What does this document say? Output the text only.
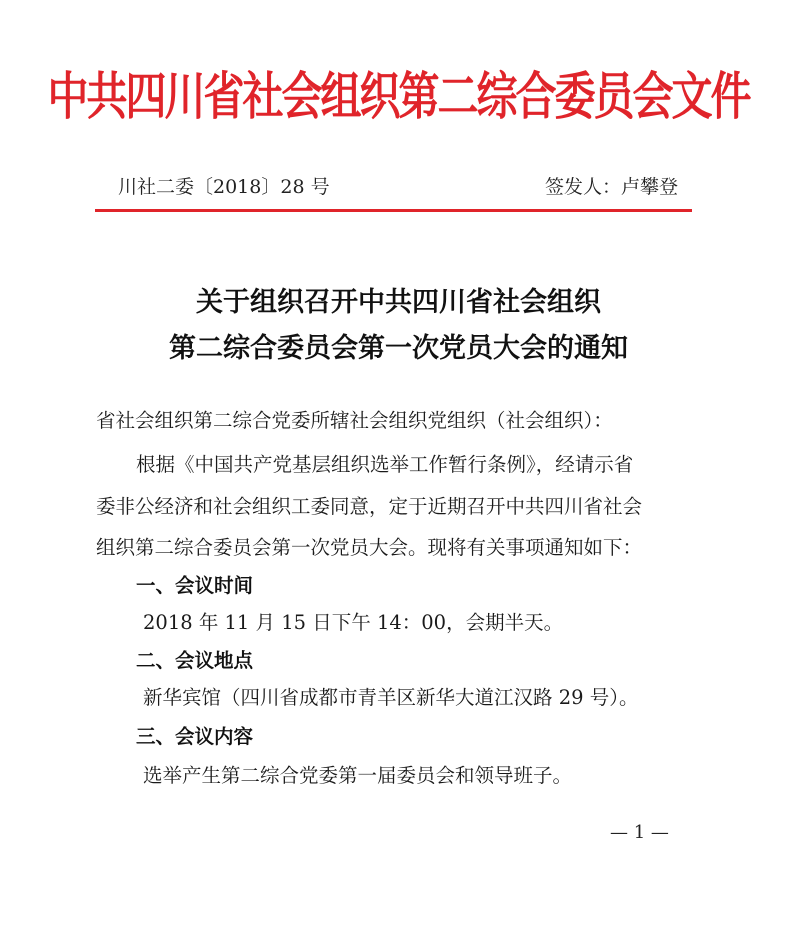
中共四川省社会组织第二综合委员会文件
川社二委〔2018〕28 号	签发人：卢攀登
关于组织召开中共四川省社会组织
第二综合委员会第一次党员大会的通知
省社会组织第二综合党委所辖社会组织党组织（社会组织）：
根据《中国共产党基层组织选举工作暂行条例》，经请示省
委非公经济和社会组织工委同意，定于近期召开中共四川省社会
组织第二综合委员会第一次党员大会。现将有关事项通知如下：
一、会议时间
2018 年 11 月 15 日下午 14：00，会期半天。
二、会议地点
新华宾馆（四川省成都市青羊区新华大道江汉路 29 号）。
三、会议内容
选举产生第二综合党委第一届委员会和领导班子。
— 1 —
